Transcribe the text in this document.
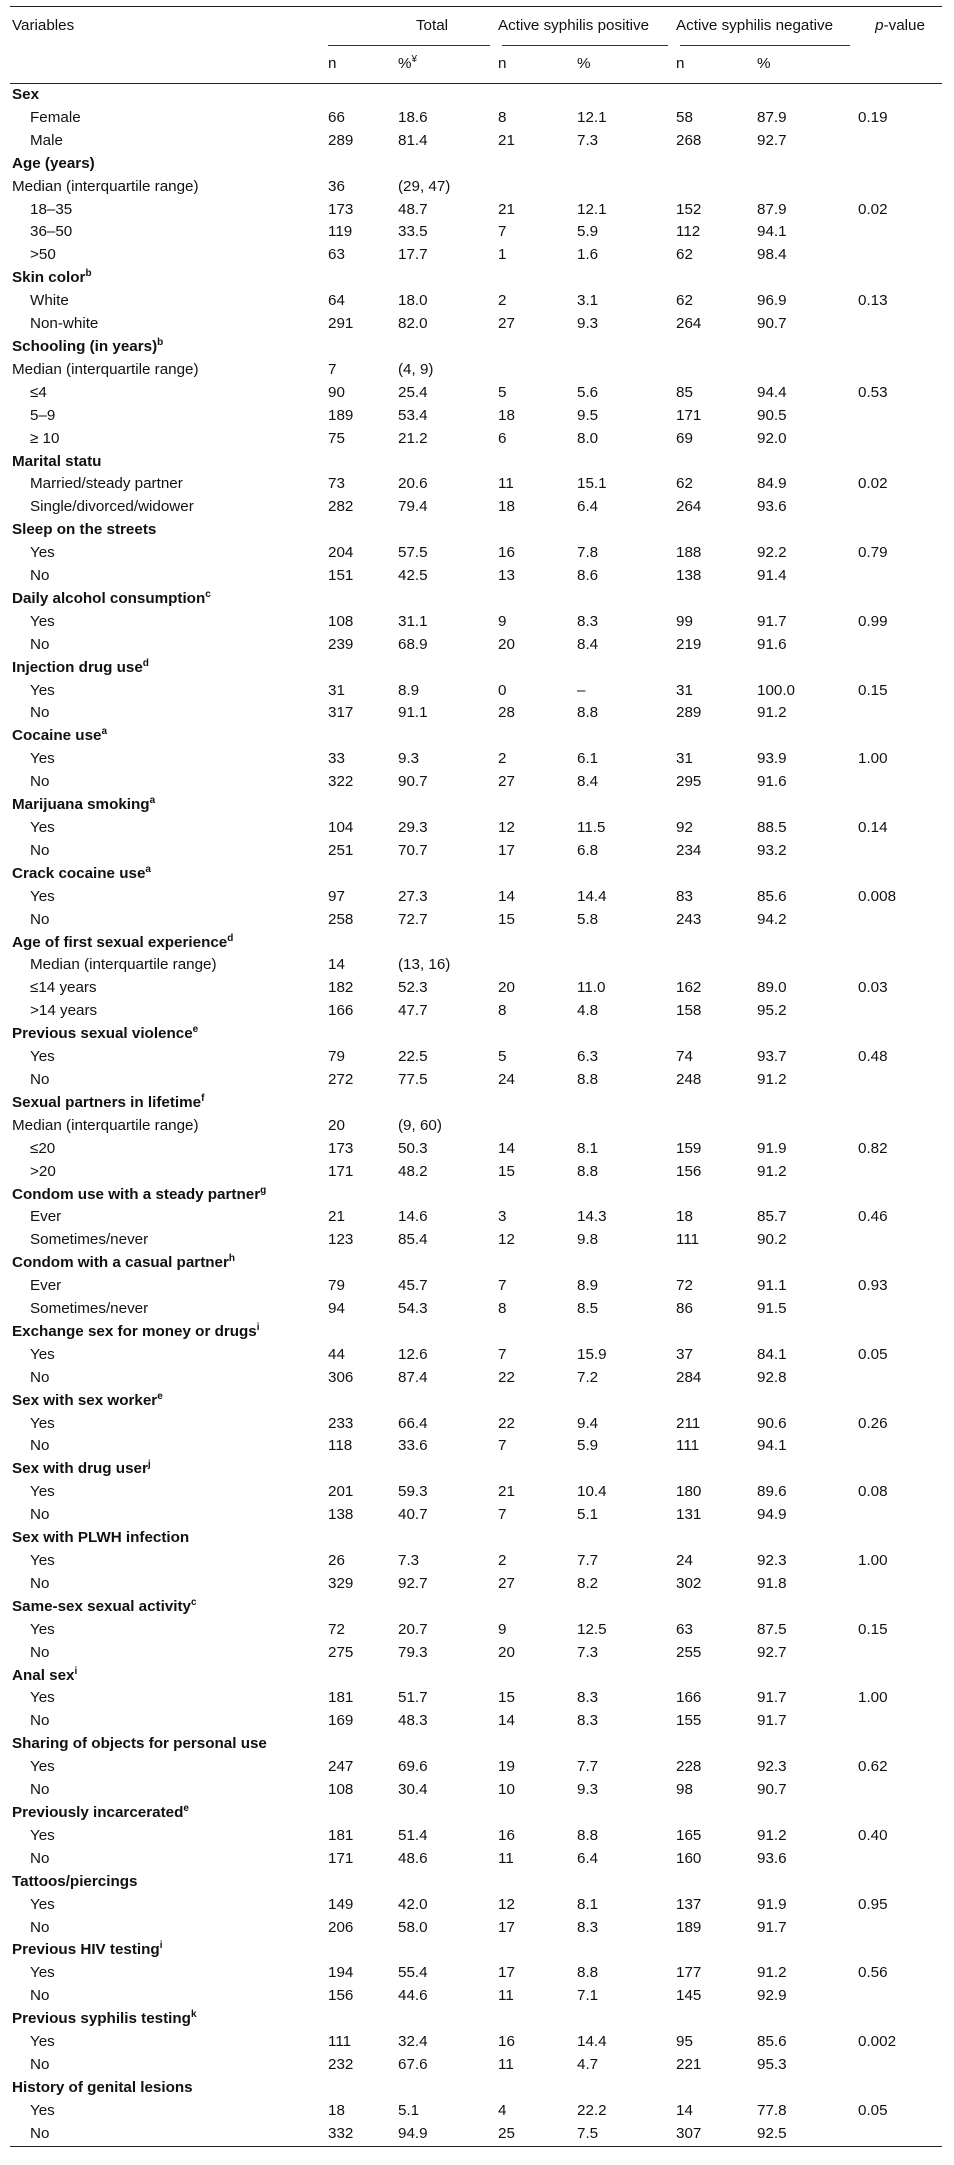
Variables	Total		Active syphilis positive		Active syphilis negative		p-value
	n	%¥	n	%	n	%	
Sex							
Female	66	18.6	8	12.1	58	87.9	0.19
Male	289	81.4	21	7.3	268	92.7	
Age (years)							
Median (interquartile range)	36	(29, 47)					
18–35	173	48.7	21	12.1	152	87.9	0.02
36–50	119	33.5	7	5.9	112	94.1	
>50	63	17.7	1	1.6	62	98.4	
Skin color$^b$
White	64	18.0	2	3.1	62	96.9	0.13
Non-white	291	82.0	27	9.3	264	90.7	
Schooling (in years)$^b$
Median (interquartile range)	7	(4, 9)					
≤4	90	25.4	5	5.6	85	94.4	0.53
5–9	189	53.4	18	9.5	171	90.5	
≥ 10	75	21.2	6	8.0	69	92.0	
Marital statu							
Married/steady partner	73	20.6	11	15.1	62	84.9	0.02
Single/divorced/widower	282	79.4	18	6.4	264	93.6	
Sleep on the streets							
Yes	204	57.5	16	7.8	188	92.2	0.79
No	151	42.5	13	8.6	138	91.4	
Daily alcohol consumption$^c$
Yes	108	31.1	9	8.3	99	91.7	0.99
No	239	68.9	20	8.4	219	91.6	
Injection drug use$^d$
Yes	31	8.9	0	–	31	100.0	0.15
No	317	91.1	28	8.8	289	91.2	
Cocaine use$^a$
Yes	33	9.3	2	6.1	31	93.9	1.00
No	322	90.7	27	8.4	295	91.6	
Marijuana smoking$^a$
Yes	104	29.3	12	11.5	92	88.5	0.14
No	251	70.7	17	6.8	234	93.2	
Crack cocaine use$^a$
Yes	97	27.3	14	14.4	83	85.6	0.008
No	258	72.7	15	5.8	243	94.2	
Age of first sexual experience$^d$
Median (interquartile range)	14	(13, 16)					
≤14 years	182	52.3	20	11.0	162	89.0	0.03
>14 years	166	47.7	8	4.8	158	95.2	
Previous sexual violence$^e$
Yes	79	22.5	5	6.3	74	93.7	0.48
No	272	77.5	24	8.8	248	91.2	
Sexual partners in lifetime$^f$
Median (interquartile range)	20	(9, 60)					
≤20	173	50.3	14	8.1	159	91.9	0.82
>20	171	48.2	15	8.8	156	91.2	
Condom use with a steady partner$^g$
Ever	21	14.6	3	14.3	18	85.7	0.46
Sometimes/never	123	85.4	12	9.8	111	90.2	
Condom with a casual partner$^h$
Ever	79	45.7	7	8.9	72	91.1	0.93
Sometimes/never	94	54.3	8	8.5	86	91.5	
Exchange sex for money or drugs$^i$
Yes	44	12.6	7	15.9	37	84.1	0.05
No	306	87.4	22	7.2	284	92.8	
Sex with sex worker$^e$
Yes	233	66.4	22	9.4	211	90.6	0.26
No	118	33.6	7	5.9	111	94.1	
Sex with drug user$^j$
Yes	201	59.3	21	10.4	180	89.6	0.08
No	138	40.7	7	5.1	131	94.9	
Sex with PLWH infection							
Yes	26	7.3	2	7.7	24	92.3	1.00
No	329	92.7	27	8.2	302	91.8	
Same-sex sexual activity$^c$
Yes	72	20.7	9	12.5	63	87.5	0.15
No	275	79.3	20	7.3	255	92.7	
Anal sex$^i$
Yes	181	51.7	15	8.3	166	91.7	1.00
No	169	48.3	14	8.3	155	91.7	
Sharing of objects for personal use							
Yes	247	69.6	19	7.7	228	92.3	0.62
No	108	30.4	10	9.3	98	90.7	
Previously incarcerated$^e$
Yes	181	51.4	16	8.8	165	91.2	0.40
No	171	48.6	11	6.4	160	93.6	
Tattoos/piercings							
Yes	149	42.0	12	8.1	137	91.9	0.95
No	206	58.0	17	8.3	189	91.7	
Previous HIV testing$^i$
Yes	194	55.4	17	8.8	177	91.2	0.56
No	156	44.6	11	7.1	145	92.9	
Previous syphilis testing$^k$
Yes	111	32.4	16	14.4	95	85.6	0.002
No	232	67.6	11	4.7	221	95.3	
History of genital lesions							
Yes	18	5.1	4	22.2	14	77.8	0.05
No	332	94.9	25	7.5	307	92.5	
